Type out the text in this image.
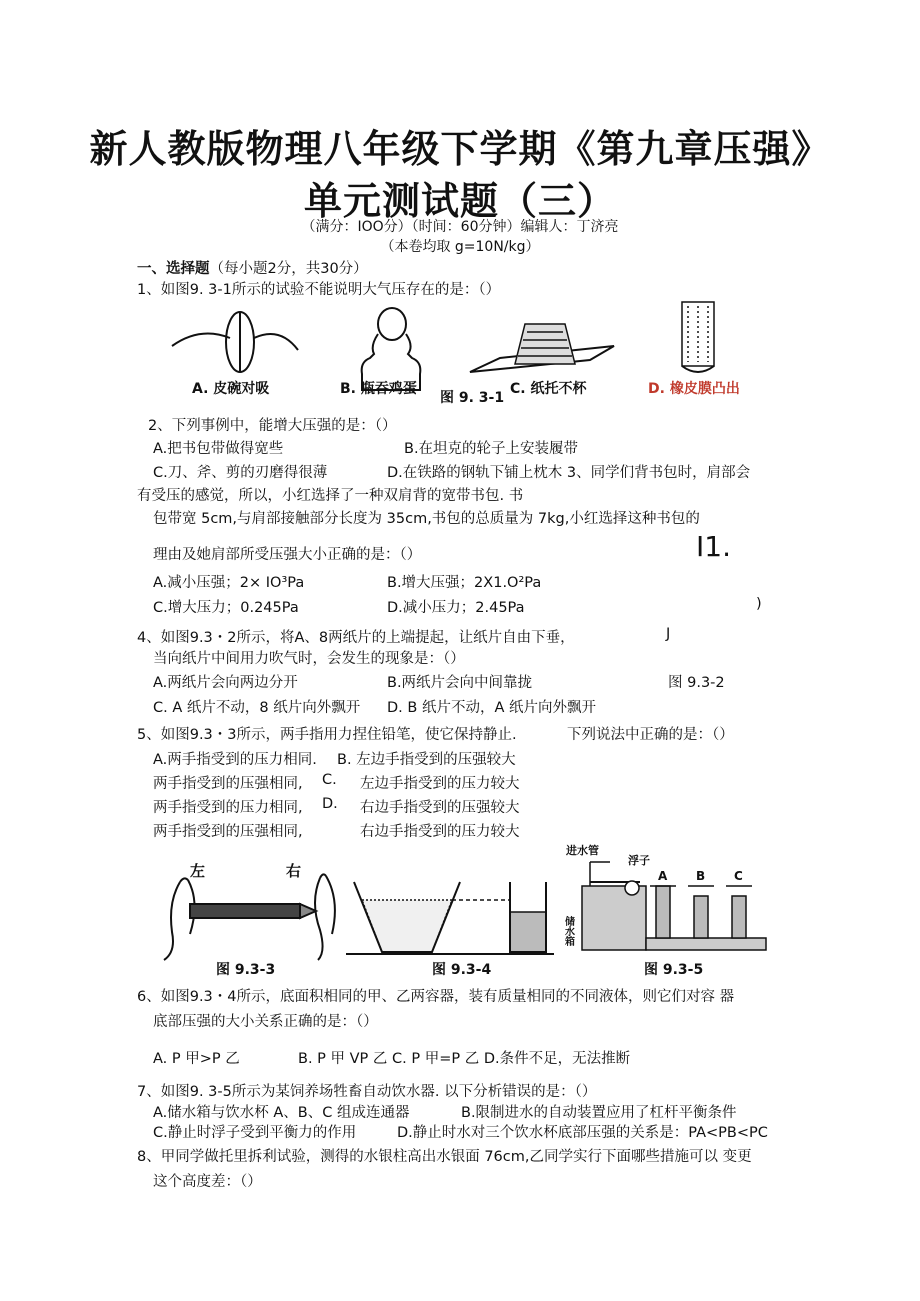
新人教版物理八年级下学期《第九章压强》
单元测试题（三）
（满分：IOO分）（时间：60分钟）编辑人：丁济亮
（本卷均取 g=10N/kg）
一、选择题（每小题2分，共30分）
1、如图9. 3-1所示的试验不能说明大气压存在的是：（）
A. 皮碗对吸	B. 瓶吞鸡蛋	C. 纸托不杯	D. 橡皮膜凸出
图 9. 3-1
2、下列事例中，能增大压强的是：（）
A.把书包带做得宽些	B.在坦克的轮子上安装履带
C.刀、斧、剪的刃磨得很薄	D.在铁路的钢轨下铺上枕木 3、同学们背书包时，肩部会
有受压的感觉，所以，小红选择了一种双肩背的宽带书包. 书
包带宽 5cm,与肩部接触部分长度为 35cm,书包的总质量为 7kg,小红选择这种书包的
理由及她肩部所受压强大小正确的是：（）	I1.
A.减小压强；2× IO³Pa	B.增大压强；2X1.O²Pa
C.增大压力；0.245Pa	D.减小压力；2.45Pa	)
4、如图9.3・2所示，将A、8两纸片的上端提起，让纸片自由下垂，	J
当向纸片中间用力吹气时，会发生的现象是：（）
A.两纸片会向两边分开	B.两纸片会向中间靠拢	图 9.3-2
C. A 纸片不动，8 纸片向外飘开 D. B 纸片不动，A 纸片向外飘开
5、如图9.3・3所示，两手指用力捏住铅笔，使它保持静止.	下列说法中正确的是：（）
A.两手指受到的压力相同. B. 左边手指受到的压强较大
两手指受到的压强相同, C. 左边手指受到的压力较大
两手指受到的压力相同, D. 右边手指受到的压强较大
两手指受到的压强相同,	右边手指受到的压力较大
左	右
图 9.3-3	图 9.3-4
进水管
浮子
储水箱
A B C
图 9.3-5
6、如图9.3・4所示，底面积相同的甲、乙两容器，装有质量相同的不同液体，则它们对容 器
底部压强的大小关系正确的是：（）
A. P 甲>P 乙	B. P 甲 VP 乙 C. P 甲=P 乙 D.条件不足，无法推断
7、如图9. 3-5所示为某饲养场牲畜自动饮水器. 以下分析错误的是：（）
A.储水箱与饮水杯 A、B、C 组成连通器	B.限制进水的自动装置应用了杠杆平衡条件
C.静止时浮子受到平衡力的作用	D.静止时水对三个饮水杯底部压强的关系是：PA<PB<PC
8、甲同学做托里拆利试验，测得的水银柱高出水银面 76cm,乙同学实行下面哪些措施可以 变更
这个高度差：（）
